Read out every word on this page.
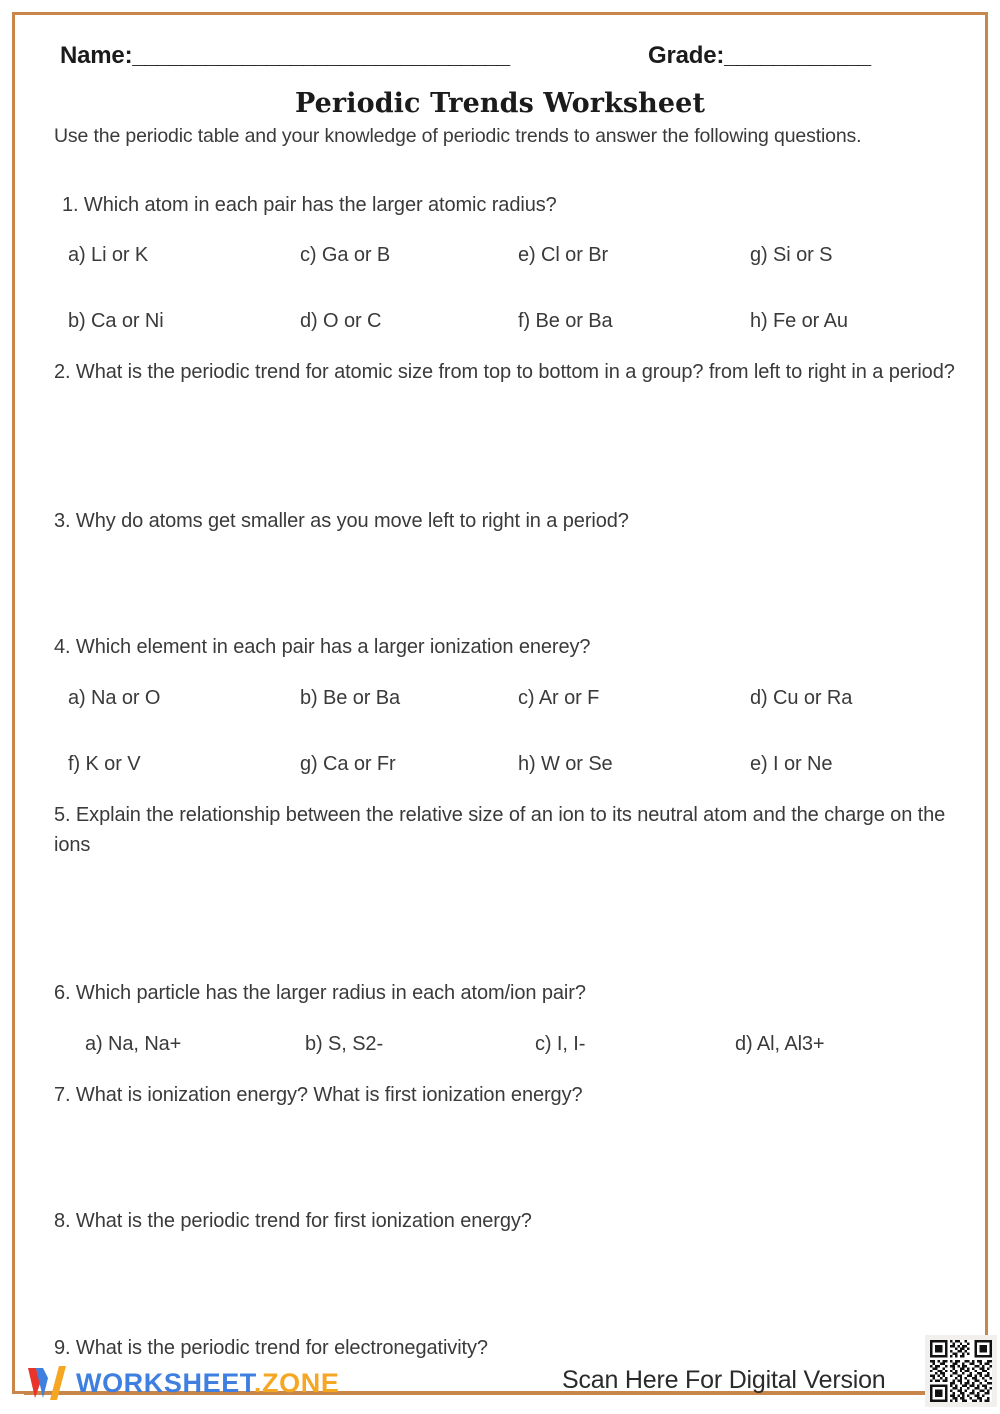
Name:_______________________________	Grade:____________
Periodic Trends Worksheet
Use the periodic table and your knowledge of periodic trends to answer the following questions.
1. Which atom in each pair has the larger atomic radius?
a) Li or K	c) Ga or B	e) Cl or Br	g) Si or S
b) Ca or Ni	d) O or C	f) Be or Ba	h) Fe or Au
2. What is the periodic trend for atomic size from top to bottom in a group? from left to right in a period?
3. Why do atoms get smaller as you move left to right in a period?
4. Which element in each pair has a larger ionization enerey?
a) Na or O	b) Be or Ba	c) Ar or F	d) Cu or Ra
f) K or V	g) Ca or Fr	h) W or Se	e) I or Ne
5. Explain the relationship between the relative size of an ion to its neutral atom and the charge on the ions
6. Which particle has the larger radius in each atom/ion pair?
a) Na, Na+	b) S, S2-	c) I, I-	d) Al, Al3+
7. What is ionization energy? What is first ionization energy?
8. What is the periodic trend for first ionization energy?
9. What is the periodic trend for electronegativity?
WORKSHEET.ZONE	Scan Here For Digital Version
